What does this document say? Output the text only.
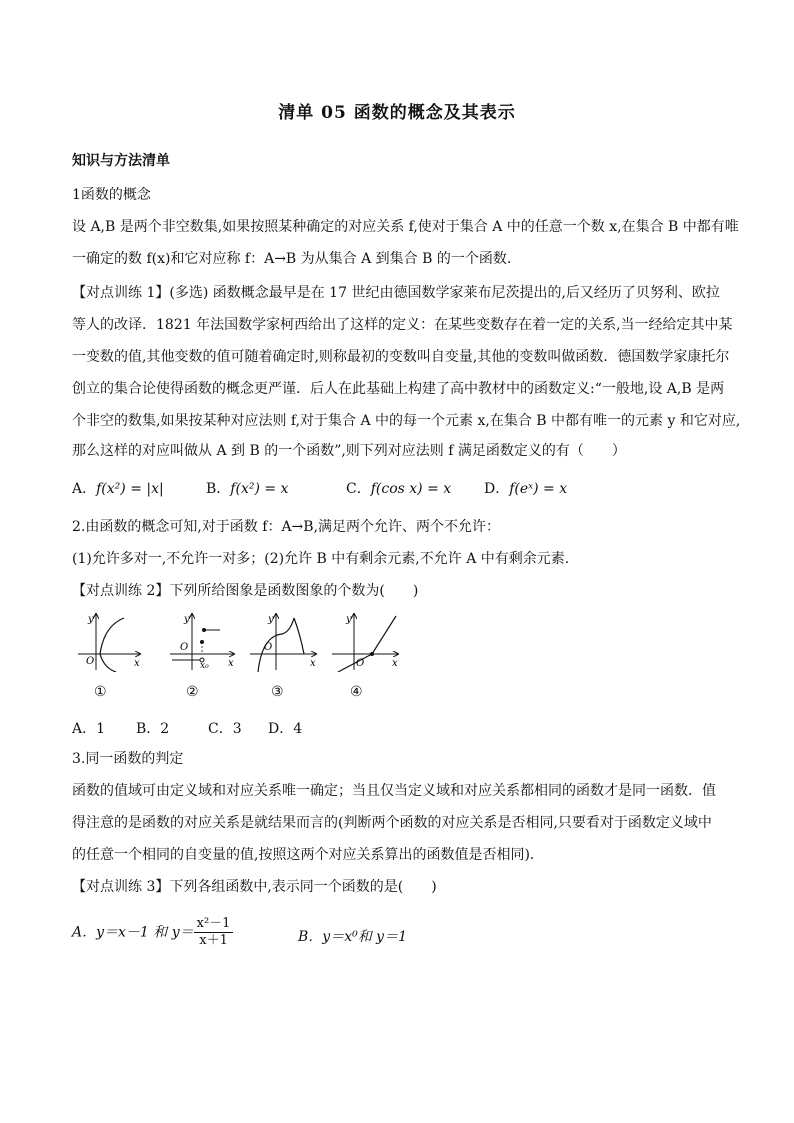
清单 05 函数的概念及其表示
知识与方法清单
1函数的概念
设 A,B 是两个非空数集,如果按照某种确定的对应关系 f,使对于集合 A 中的任意一个数 x,在集合 B 中都有唯
一确定的数 f(x)和它对应称 f：A→B 为从集合 A 到集合 B 的一个函数.
【对点训练 1】(多选) 函数概念最早是在 17 世纪由德国数学家莱布尼茨提出的,后又经历了贝努利、欧拉
等人的改译．1821 年法国数学家柯西给出了这样的定义：在某些变数存在着一定的关系,当一经给定其中某
一变数的值,其他变数的值可随着确定时,则称最初的变数叫自变量,其他的变数叫做函数．德国数学家康托尔
创立的集合论使得函数的概念更严谨．后人在此基础上构建了高中教材中的函数定义:“一般地,设 A,B 是两
个非空的数集,如果按某种对应法则 f,对于集合 A 中的每一个元素 x,在集合 B 中都有唯一的元素 y 和它对应,
那么这样的对应叫做从 A 到 B 的一个函数”,则下列对应法则 f 满足函数定义的有（　　）
A．f(x²) = |x|	B．f(x²) = x	C．f(cos x) = x D．f(eˣ) = x
2.由函数的概念可知,对于函数 f：A→B,满足两个允许、两个不允许：
(1)允许多对一,不允许一对多；(2)允许 B 中有剩余元素,不允许 A 中有剩余元素.
【对点训练 2】下列所给图象是函数图象的个数为(　　)
y
x
O
y
x
O
x₀
y
x
O
y
x
O
①	②	③	④
A．1 B．2	C．3 D．4
3.同一函数的判定
函数的值域可由定义域和对应关系唯一确定；当且仅当定义域和对应关系都相同的函数才是同一函数．值
得注意的是函数的对应关系是就结果而言的(判断两个函数的对应关系是否相同,只要看对于函数定义域中
的任意一个相同的自变量的值,按照这两个对应关系算出的函数值是否相同)．
【对点训练 3】下列各组函数中,表示同一个函数的是(　　)
A．y＝x－1 和 $y= \frac{\text{x²－1}}{x+1}$	B．y＝x⁰和 y＝1
